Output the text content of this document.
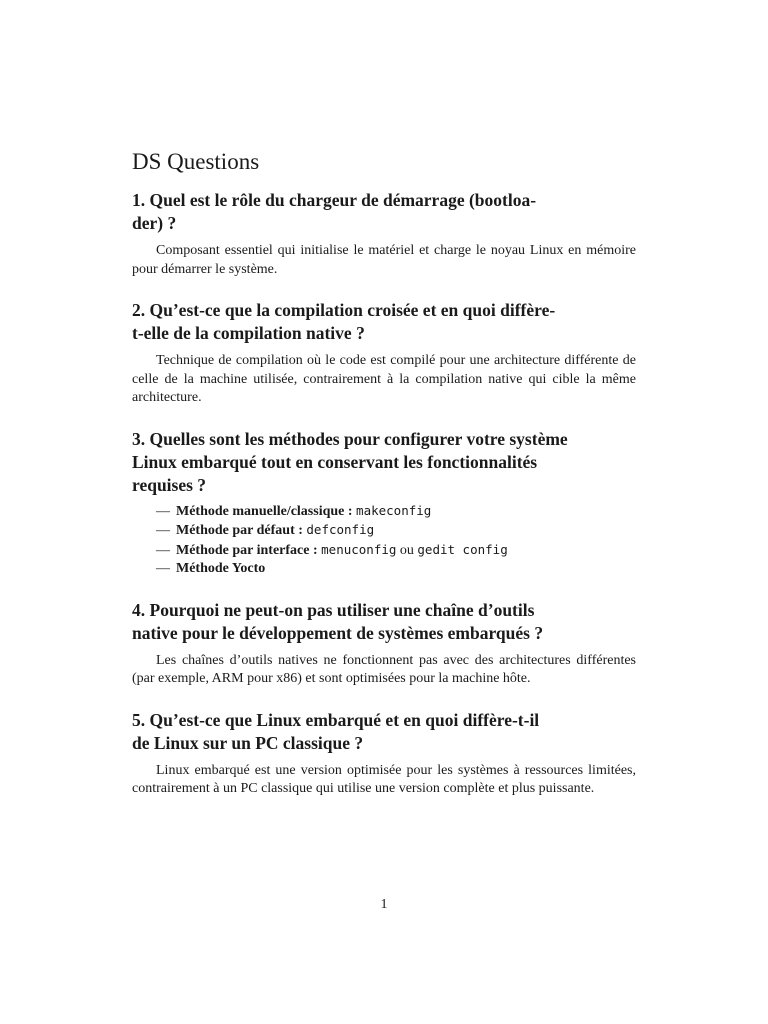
DS Questions
1. Quel est le rôle du chargeur de démarrage (bootloa-
der) ?

Composant essentiel qui initialise le matériel et charge le noyau Linux en mémoire pour démarrer le système.

2. Qu’est-ce que la compilation croisée et en quoi diffère-
t-elle de la compilation native ?

Technique de compilation où le code est compilé pour une architecture différente de celle de la machine utilisée, contrairement à la compilation native qui cible la même architecture.

3. Quelles sont les méthodes pour configurer votre système
Linux embarqué tout en conservant les fonctionnalités
requises ?
— Méthode manuelle/classique : makeconfig
— Méthode par défaut : defconfig
— Méthode par interface : menuconfig ou gedit config
— Méthode Yocto
4. Pourquoi ne peut-on pas utiliser une chaîne d’outils
native pour le développement de systèmes embarqués ?

Les chaînes d’outils natives ne fonctionnent pas avec des architectures différentes (par exemple, ARM pour x86) et sont optimisées pour la machine hôte.

5. Qu’est-ce que Linux embarqué et en quoi diffère-t-il
de Linux sur un PC classique ?

Linux embarqué est une version optimisée pour les systèmes à ressources limitées, contrairement à un PC classique qui utilise une version complète et plus puissante.

1
